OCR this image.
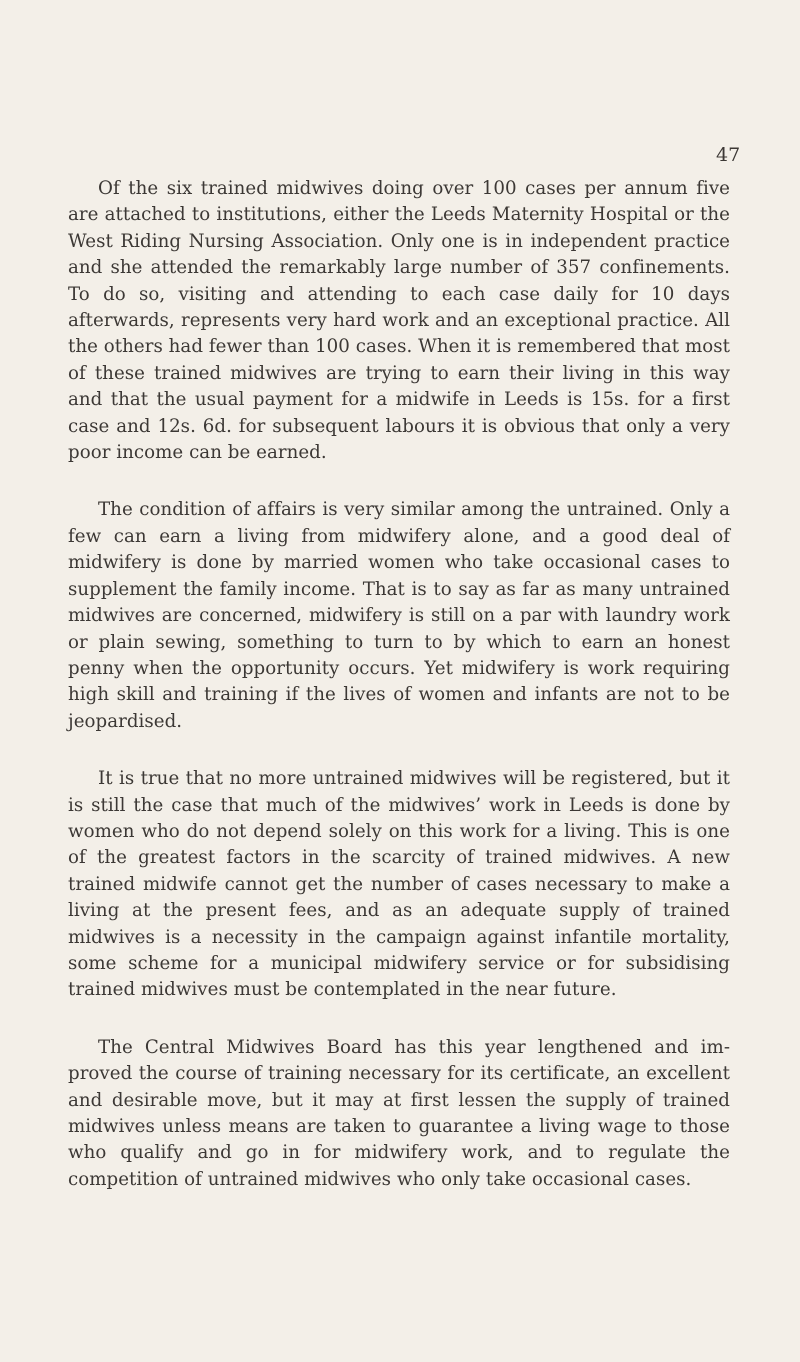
47

Of the six trained midwives doing over 100 cases per annum five are attached to institutions, either the Leeds Maternity Hospital or the West Riding Nursing Association. Only one is in independent practice and she attended the remarkably large number of 357 confinements. To do so, visiting and attending to each case daily for 10 days afterwards, represents very hard work and an exceptional practice. All the others had fewer than 100 cases. When it is remembered that most of these trained midwives are trying to earn their living in this way and that the usual payment for a midwife in Leeds is 15s. for a first case and 12s. 6d. for subsequent labours it is obvious that only a very poor income can be earned.

The condition of affairs is very similar among the untrained. Only a few can earn a living from midwifery alone, and a good deal of midwifery is done by married women who take occasional cases to supplement the family income. That is to say as far as many untrained midwives are concerned, midwifery is still on a par with laundry work or plain sewing, something to turn to by which to earn an honest penny when the opportunity occurs. Yet midwifery is work requiring high skill and training if the lives of women and infants are not to be jeopardised.

It is true that no more untrained midwives will be registered, but it is still the case that much of the midwives’ work in Leeds is done by women who do not depend solely on this work for a living. This is one of the greatest factors in the scarcity of trained midwives. A new trained midwife cannot get the number of cases necessary to make a living at the present fees, and as an adequate supply of trained midwives is a necessity in the campaign against infantile mortality, some scheme for a municipal midwifery service or for subsidising trained midwives must be contemplated in the near future.

The Central Midwives Board has this year lengthened and improved the course of training necessary for its certificate, an excellent and desirable move, but it may at first lessen the supply of trained midwives unless means are taken to guarantee a living wage to those who qualify and go in for midwifery work, and to regulate the competition of untrained midwives who only take occasional cases.
